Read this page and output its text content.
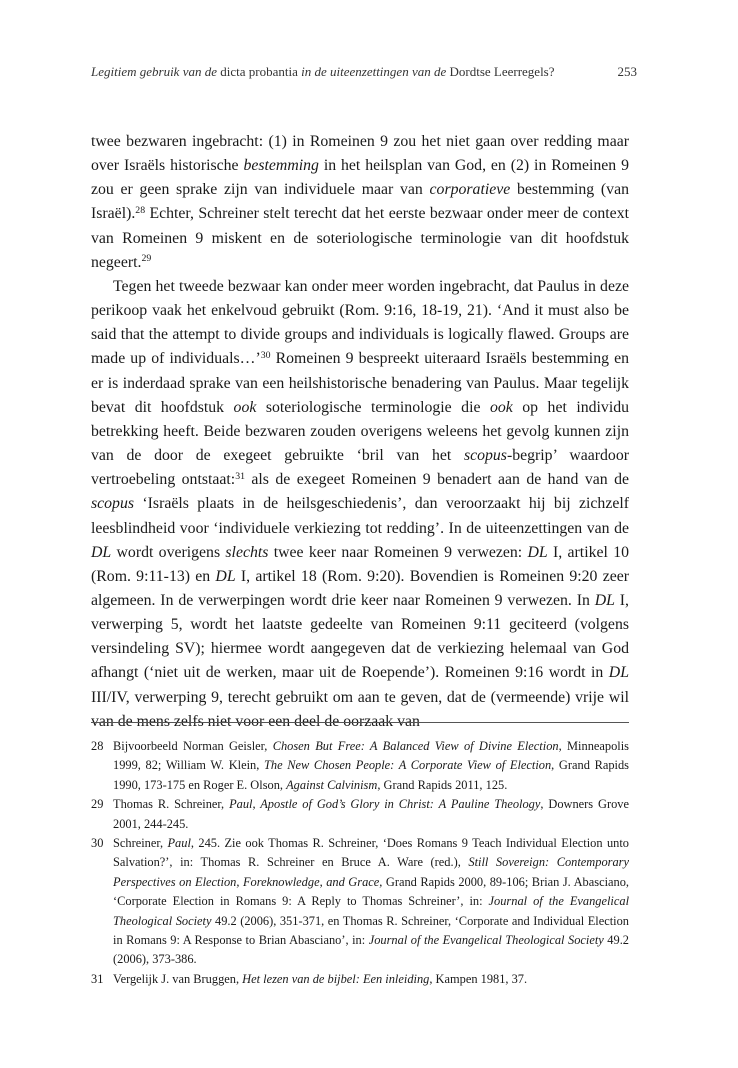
Legitiem gebruik van de dicta probantia in de uiteenzettingen van de Dordtse Leerregels?	253

twee bezwaren ingebracht: (1) in Romeinen 9 zou het niet gaan over redding maar over Israëls historische bestemming in het heilsplan van God, en (2) in Romeinen 9 zou er geen sprake zijn van individuele maar van corporatieve bestemming (van Israël).$^{28}$ Echter, Schreiner stelt terecht dat het eerste bezwaar onder meer de context van Romeinen 9 miskent en de soteriologische terminologie van dit hoofdstuk negeert.$^{29}$

Tegen het tweede bezwaar kan onder meer worden ingebracht, dat Paulus in deze perikoop vaak het enkelvoud gebruikt (Rom. 9:16, 18-19, 21). ‘And it must also be said that the attempt to divide groups and individuals is logically flawed. Groups are made up of individuals…’$^{30}$ Romeinen 9 bespreekt uiteraard Israëls bestemming en er is inderdaad sprake van een heilshistorische benadering van Paulus. Maar tegelijk bevat dit hoofdstuk ook soteriologische terminologie die ook op het individu betrekking heeft. Beide bezwaren zouden overigens weleens het gevolg kunnen zijn van de door de exegeet gebruikte ‘bril van het scopus-begrip’ waardoor vertroebeling ontstaat:$^{31}$ als de exegeet Romeinen 9 benadert aan de hand van de scopus ‘Israëls plaats in de heilsgeschiedenis’, dan veroorzaakt hij bij zichzelf leesblindheid voor ‘individuele verkiezing tot redding’. In de uiteenzettingen van de DL wordt overigens slechts twee keer naar Romeinen 9 verwezen: DL I, artikel 10 (Rom. 9:11-13) en DL I, artikel 18 (Rom. 9:20). Bovendien is Romeinen 9:20 zeer algemeen. In de verwerpingen wordt drie keer naar Romeinen 9 verwezen. In DL I, verwerping 5, wordt het laatste gedeelte van Romeinen 9:11 geciteerd (volgens versindeling SV); hiermee wordt aangegeven dat de verkiezing helemaal van God afhangt (‘niet uit de werken, maar uit de Roepende’). Romeinen 9:16 wordt in DL III/IV, verwerping 9, terecht gebruikt om aan te geven, dat de (vermeende) vrije wil van de mens zelfs niet voor een deel de oorzaak van

28 Bijvoorbeeld Norman Geisler, Chosen But Free: A Balanced View of Divine Election, Minneapolis 1999, 82; William W. Klein, The New Chosen People: A Corporate View of Election, Grand Rapids 1990, 173-175 en Roger E. Olson, Against Calvinism, Grand Rapids 2011, 125.
29 Thomas R. Schreiner, Paul, Apostle of God’s Glory in Christ: A Pauline Theology, Downers Grove 2001, 244-245.
30 Schreiner, Paul, 245. Zie ook Thomas R. Schreiner, ‘Does Romans 9 Teach Individual Election unto Salvation?’, in: Thomas R. Schreiner en Bruce A. Ware (red.), Still Sovereign: Contemporary Perspectives on Election, Foreknowledge, and Grace, Grand Rapids 2000, 89-106; Brian J. Abasciano, ‘Corporate Election in Romans 9: A Reply to Thomas Schreiner’, in: Journal of the Evangelical Theological Society 49.2 (2006), 351-371, en Thomas R. Schreiner, ‘Corporate and Individual Election in Romans 9: A Response to Brian Abasciano’, in: Journal of the Evangelical Theological Society 49.2 (2006), 373-386.
31 Vergelijk J. van Bruggen, Het lezen van de bijbel: Een inleiding, Kampen 1981, 37.
